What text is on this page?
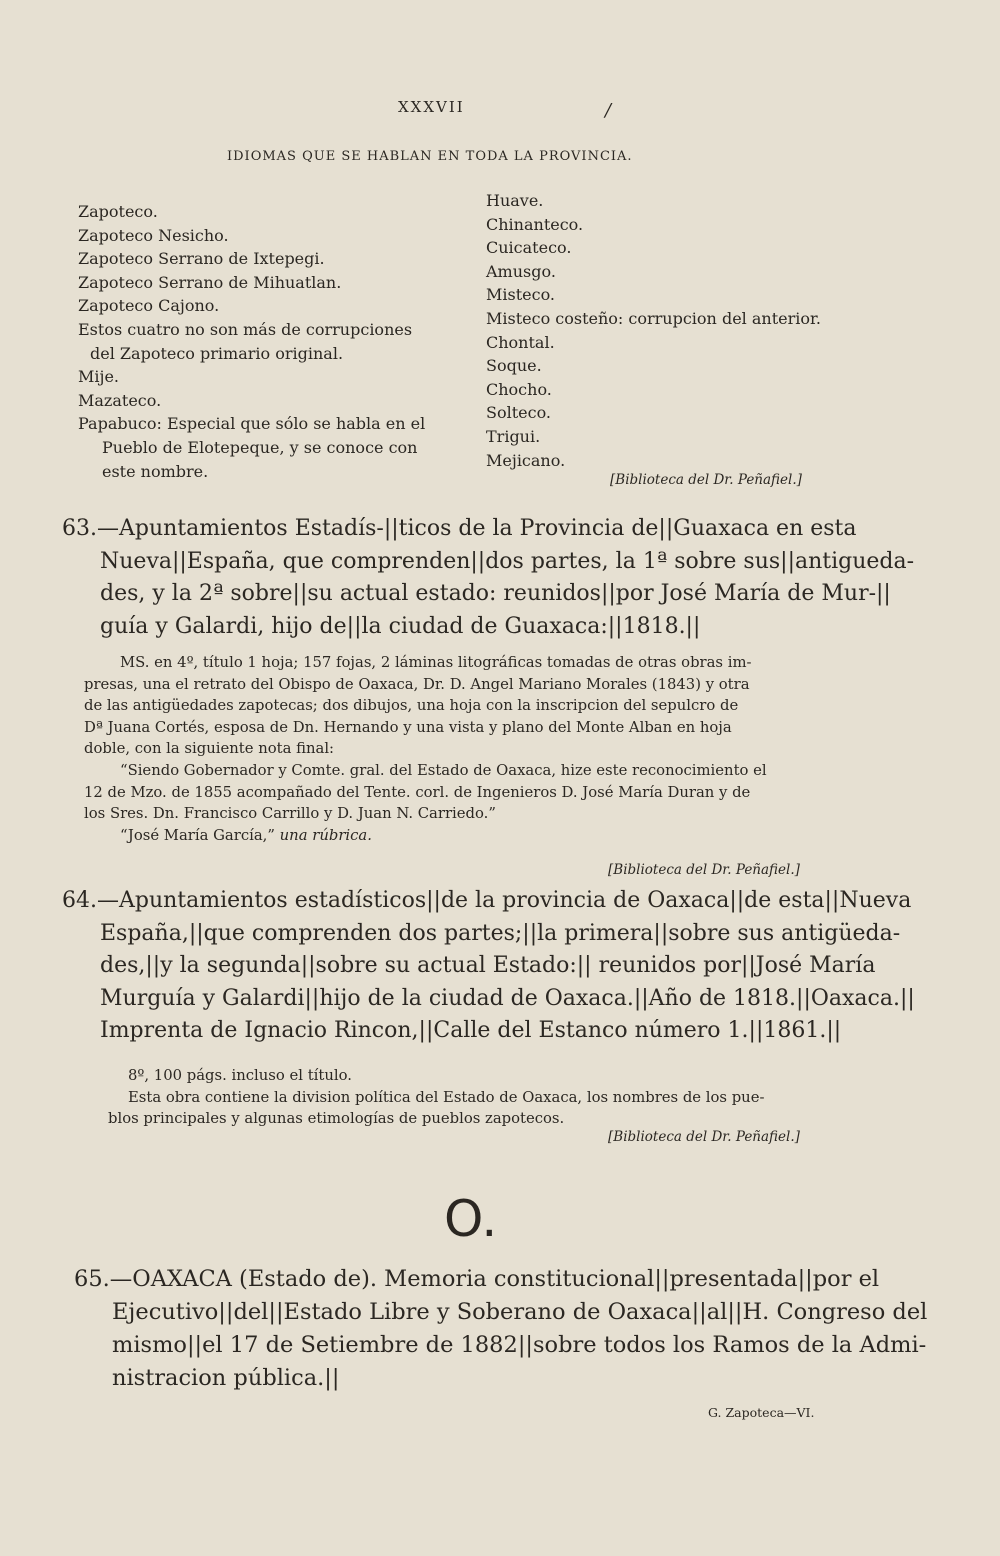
XXXVII	/
IDIOMAS QUE SE HABLAN EN TODA LA PROVINCIA.
Zapoteco.
Zapoteco Nesicho.
Zapoteco Serrano de Ixtepegi.
Zapoteco Serrano de Mihuatlan.
Zapoteco Cajono.
Estos cuatro no son más de corrupciones
del Zapoteco primario original.
Mije.
Mazateco.
Papabuco: Especial que sólo se habla en el
Pueblo de Elotepeque, y se conoce con
este nombre.
Huave.
Chinanteco.
Cuicateco.
Amusgo.
Misteco.
Misteco costeño: corrupcion del anterior.
Chontal.
Soque.
Chocho.
Solteco.
Trigui.
Mejicano.
[Biblioteca del Dr. Peñafiel.]
63.—Apuntamientos Estadís-||ticos de la Provincia de||Guaxaca en esta
Nueva||España, que comprenden||dos partes, la 1ª sobre sus||antigueda-
des, y la 2ª sobre||su actual estado: reunidos||por José María de Mur-||
guía y Galardi, hijo de||la ciudad de Guaxaca:||1818.||
MS. en 4º, título 1 hoja; 157 fojas, 2 láminas litográficas tomadas de otras obras im-
presas, una el retrato del Obispo de Oaxaca, Dr. D. Angel Mariano Morales (1843) y otra
de las antigüedades zapotecas; dos dibujos, una hoja con la inscripcion del sepulcro de
Dª Juana Cortés, esposa de Dn. Hernando y una vista y plano del Monte Alban en hoja
doble, con la siguiente nota final:
“Siendo Gobernador y Comte. gral. del Estado de Oaxaca, hize este reconocimiento el
12 de Mzo. de 1855 acompañado del Tente. corl. de Ingenieros D. José María Duran y de
los Sres. Dn. Francisco Carrillo y D. Juan N. Carriedo.”
“José María García,” una rúbrica.
[Biblioteca del Dr. Peñafiel.]
64.—Apuntamientos estadísticos||de la provincia de Oaxaca||de esta||Nueva
España,||que comprenden dos partes;||la primera||sobre sus antigüeda-
des,||y la segunda||sobre su actual Estado:|| reunidos por||José María
Murguía y Galardi||hijo de la ciudad de Oaxaca.||Año de 1818.||Oaxaca.||
Imprenta de Ignacio Rincon,||Calle del Estanco número 1.||1861.||
8º, 100 págs. incluso el título.
Esta obra contiene la division política del Estado de Oaxaca, los nombres de los pue-
blos principales y algunas etimologías de pueblos zapotecos.
[Biblioteca del Dr. Peñafiel.]
O.
65.—OAXACA (Estado de). Memoria constitucional||presentada||por el
Ejecutivo||del||Estado Libre y Soberano de Oaxaca||al||H. Congreso del
mismo||el 17 de Setiembre de 1882||sobre todos los Ramos de la Admi-
nistracion pública.||
G. Zapoteca—VI.
